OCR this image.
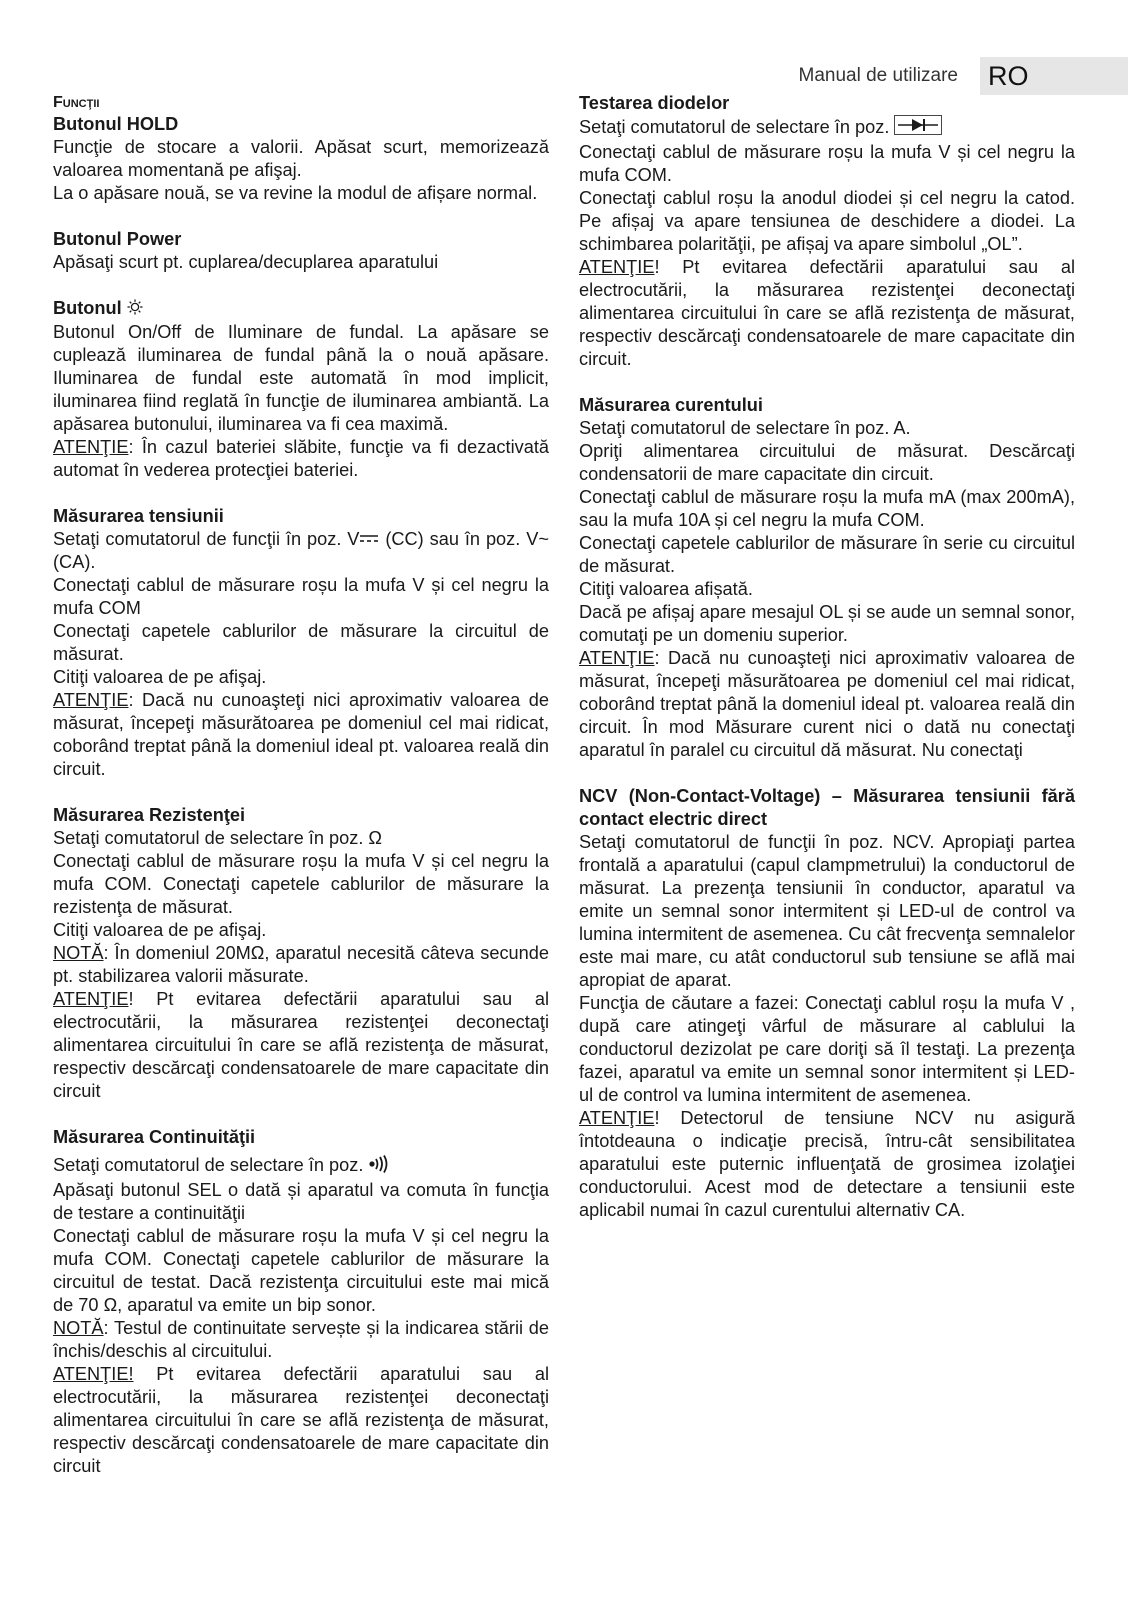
Manual de utilizare RO

Funcţii

Butonul HOLD

Funcţie de stocare a valorii. Apăsat scurt, memorizează valoarea momentană pe afişaj.

La o apăsare nouă, se va revine la modul de afișare normal.

Butonul Power

Apăsaţi scurt pt. cuplarea/decuplarea aparatului

Butonul

Butonul On/Off de Iluminare de fundal. La apăsare se cuplează iluminarea de fundal până la o nouă apăsare. Iluminarea de fundal este automată în mod implicit, iluminarea fiind reglată în funcţie de iluminarea ambiantă. La apăsarea butonului, iluminarea va fi cea maximă.

ATENŢIE: În cazul bateriei slăbite, funcţie va fi dezactivată automat în vederea protecţiei bateriei.

Măsurarea tensiunii

Setaţi comutatorul de funcţii în poz. V (CC) sau în poz. V~ (CA).

Conectaţi cablul de măsurare roșu la mufa V și cel negru la mufa COM

Conectaţi capetele cablurilor de măsurare la circuitul de măsurat.

Citiţi valoarea de pe afişaj.

ATENŢIE: Dacă nu cunoaşteţi nici aproximativ valoarea de măsurat, începeţi măsurătoarea pe domeniul cel mai ridicat, coborând treptat până la domeniul ideal pt. valoarea reală din circuit.

Măsurarea Rezistenţei

Setaţi comutatorul de selectare în poz. Ω

Conectaţi cablul de măsurare roșu la mufa V și cel negru la mufa COM. Conectaţi capetele cablurilor de măsurare la rezistenţa de măsurat.

Citiţi valoarea de pe afişaj.

NOTĂ: În domeniul 20MΩ, aparatul necesită câteva secunde pt. stabilizarea valorii măsurate.

ATENŢIE! Pt evitarea defectării aparatului sau al electrocutării, la măsurarea rezistenţei deconectaţi alimentarea circuitului în care se află rezistenţa de măsurat, respectiv descărcaţi condensatoarele de mare capacitate din circuit

Măsurarea Continuităţii

Setaţi comutatorul de selectare în poz.

Apăsaţi butonul SEL o dată și aparatul va comuta în funcţia de testare a continuităţii

Conectaţi cablul de măsurare roșu la mufa V și cel negru la mufa COM. Conectaţi capetele cablurilor de măsurare la circuitul de testat. Dacă rezistenţa circuitului este mai mică de 70 Ω, aparatul va emite un bip sonor.

NOTĂ: Testul de continuitate servește și la indicarea stării de închis/deschis al circuitului.

ATENŢIE! Pt evitarea defectării aparatului sau al electrocutării, la măsurarea rezistenţei deconectaţi alimentarea circuitului în care se află rezistenţa de măsurat, respectiv descărcaţi condensatoarele de mare capacitate din circuit

Testarea diodelor

Setaţi comutatorul de selectare în poz.

Conectaţi cablul de măsurare roșu la mufa V și cel negru la mufa COM.

Conectaţi cablul roșu la anodul diodei și cel negru la catod. Pe afișaj va apare tensiunea de deschidere a diodei. La schimbarea polarităţii, pe afișaj va apare simbolul „OL”.

ATENŢIE! Pt evitarea defectării aparatului sau al electrocutării, la măsurarea rezistenţei deconectaţi alimentarea circuitului în care se află rezistenţa de măsurat, respectiv descărcaţi condensatoarele de mare capacitate din circuit.

Măsurarea curentului

Setaţi comutatorul de selectare în poz. A.

Opriţi alimentarea circuitului de măsurat. Descărcaţi condensatorii de mare capacitate din circuit.

Conectaţi cablul de măsurare roșu la mufa mA (max 200mA), sau la mufa 10A și cel negru la mufa COM.

Conectaţi capetele cablurilor de măsurare în serie cu circuitul de măsurat.

Citiţi valoarea afișată.

Dacă pe afișaj apare mesajul OL și se aude un semnal sonor, comutaţi pe un domeniu superior.

ATENŢIE: Dacă nu cunoaşteţi nici aproximativ valoarea de măsurat, începeţi măsurătoarea pe domeniul cel mai ridicat, coborând treptat până la domeniul ideal pt. valoarea reală din circuit. În mod Măsurare curent nici o dată nu conectaţi aparatul în paralel cu circuitul dă măsurat. Nu conectaţi

NCV (Non-Contact-Voltage) – Măsurarea tensiunii fără contact electric direct

Setaţi comutatorul de funcţii în poz. NCV. Apropiaţi partea frontală a aparatului (capul clampmetrului) la conductorul de măsurat. La prezenţa tensiunii în conductor, aparatul va emite un semnal sonor intermitent și LED-ul de control va lumina intermitent de asemenea. Cu cât frecvenţa semnalelor este mai mare, cu atât conductorul sub tensiune se află mai apropiat de aparat.

Funcţia de căutare a fazei: Conectaţi cablul roșu la mufa V , după care atingeţi vârful de măsurare al cablului la conductorul dezizolat pe care doriţi să îl testaţi. La prezenţa fazei, aparatul va emite un semnal sonor intermitent și LED-ul de control va lumina intermitent de asemenea.

ATENŢIE! Detectorul de tensiune NCV nu asigură întotdeauna o indicaţie precisă, întru-cât sensibilitatea aparatului este puternic influenţată de grosimea izolaţiei conductorului. Acest mod de detectare a tensiunii este aplicabil numai în cazul curentului alternativ CA.
